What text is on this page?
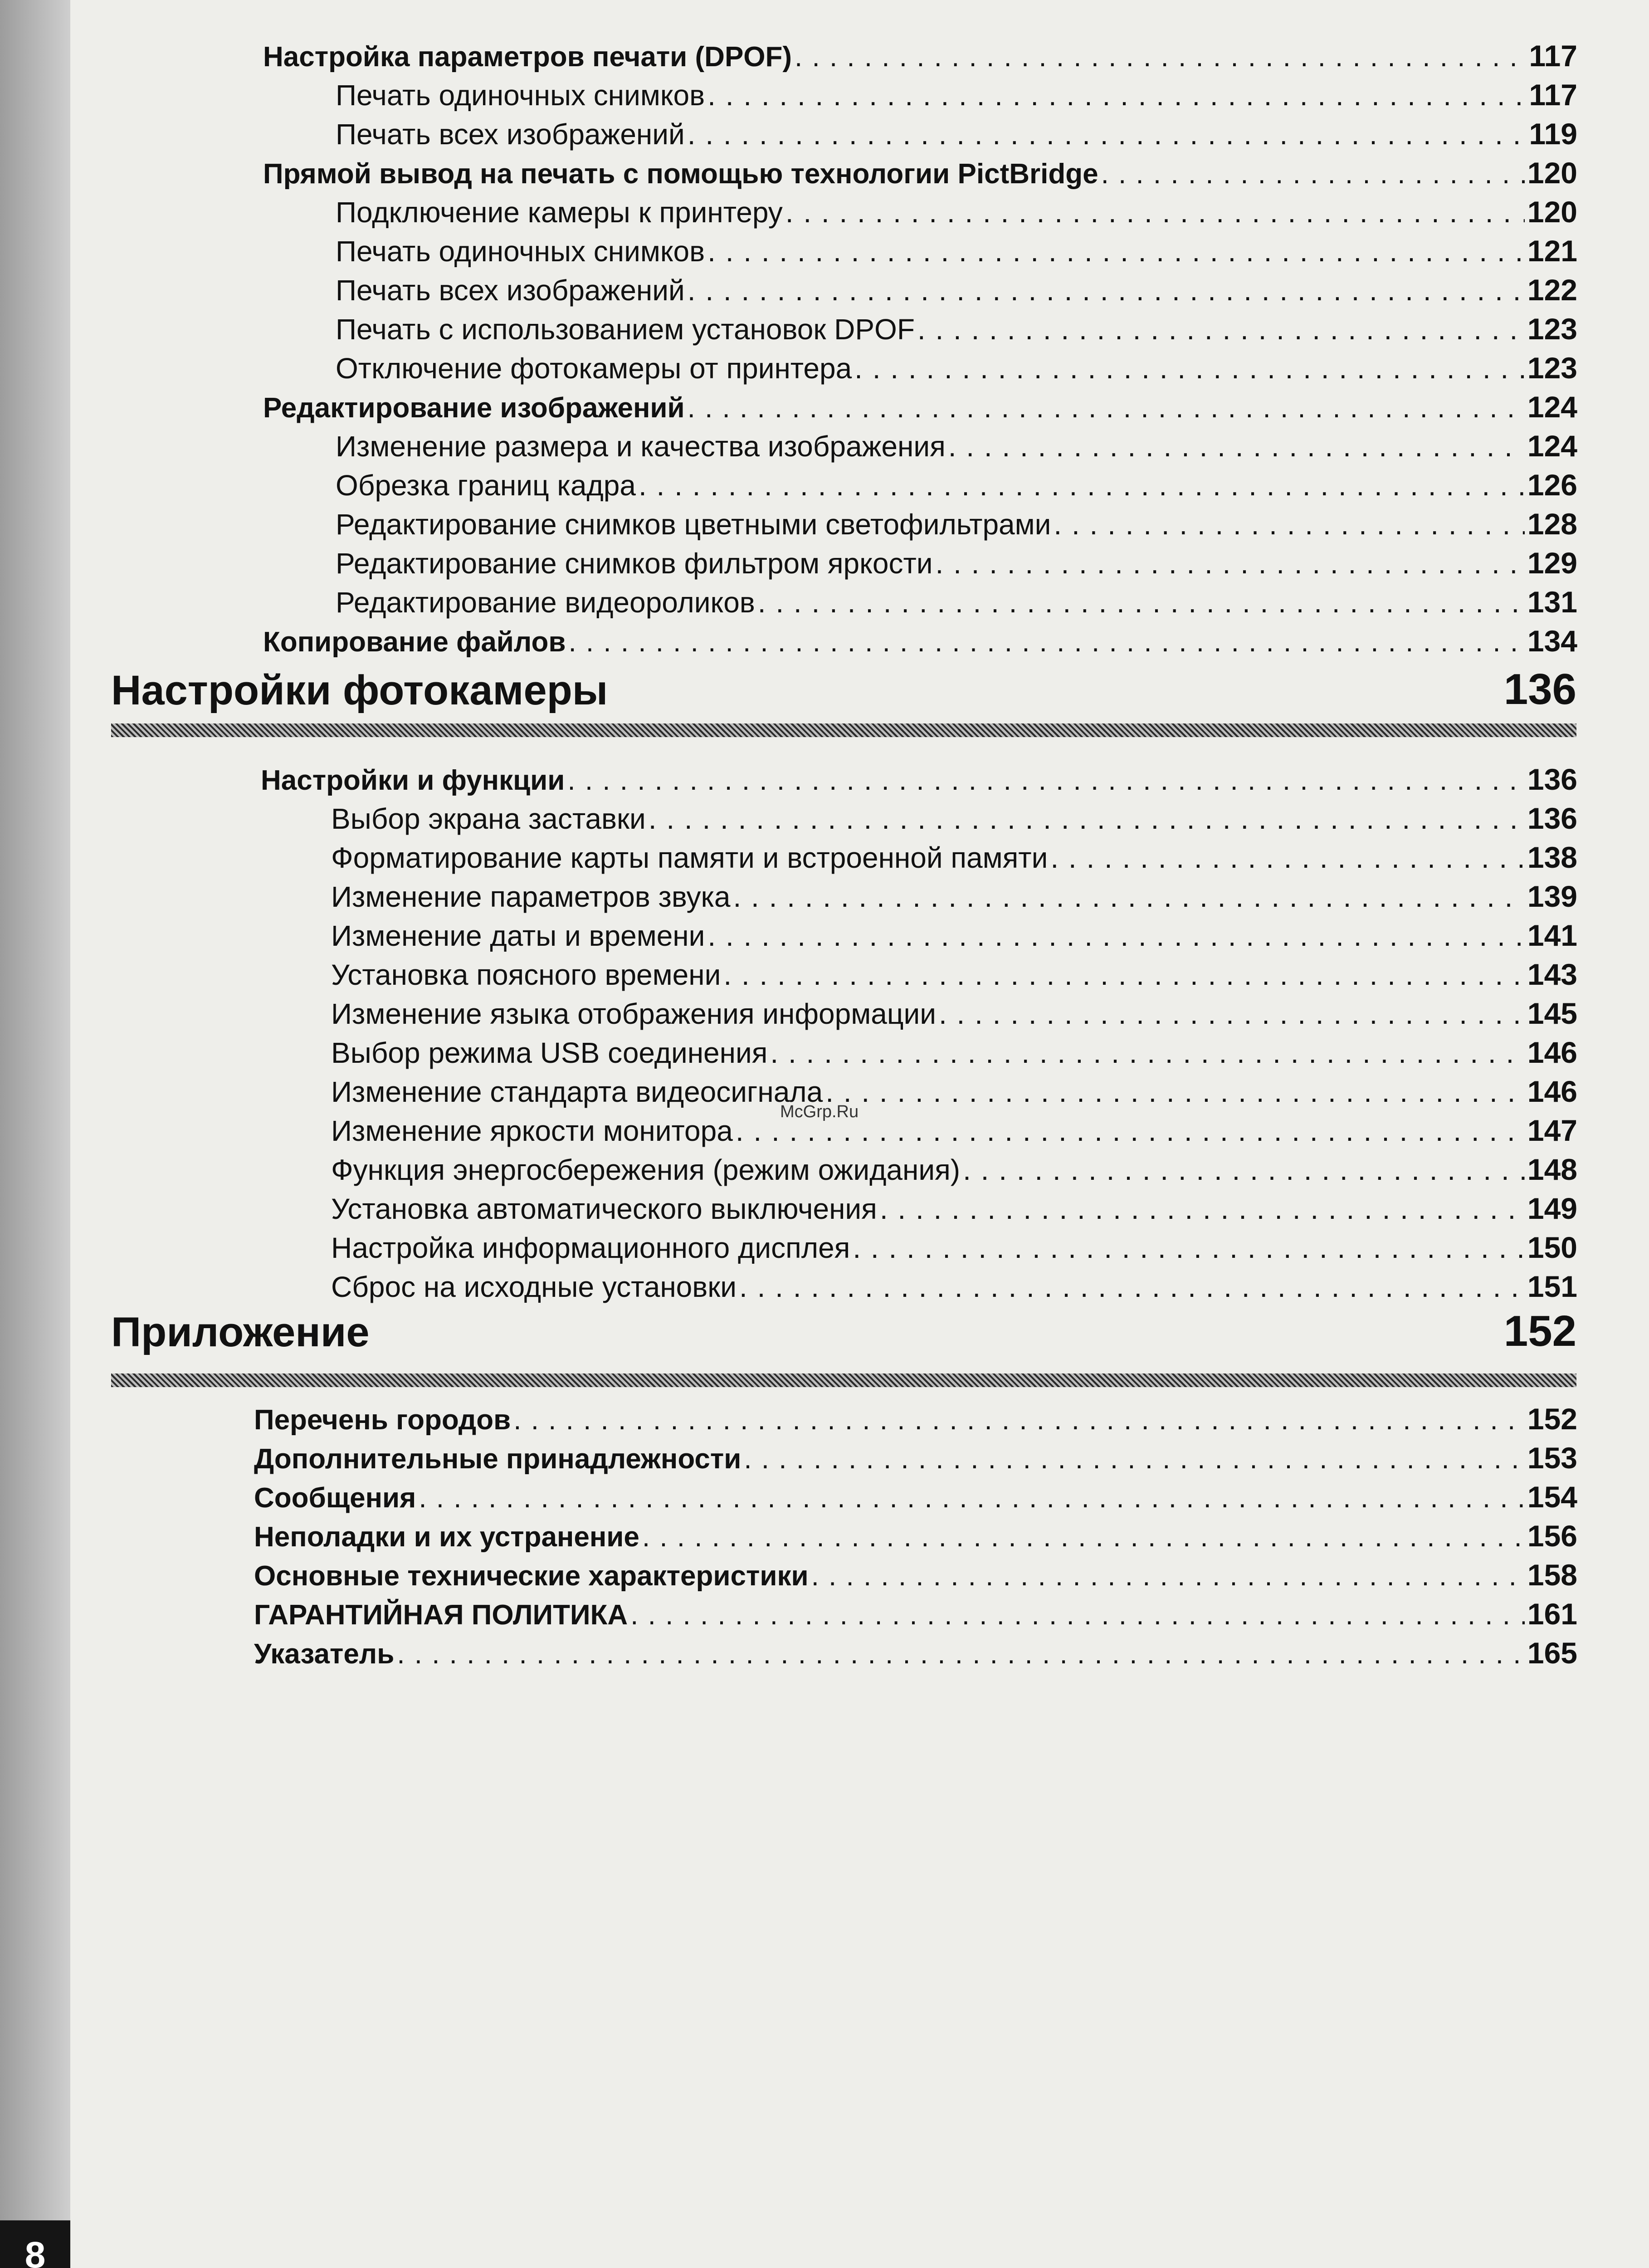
8
Настройки фотокамеры	136
Приложение	152
McGrp.Ru
Настройка параметров печати (DPOF) . . .	117
Печать одиночных снимков . . .	117
Печать всех изображений . . .	119
Прямой вывод на печать с помощью технологии PictBridge . . .	120
Подключение камеры к принтеру . . .	120
Печать одиночных снимков . . .	121
Печать всех изображений . . .	122
Печать с использованием установок DPOF . . .	123
Отключение фотокамеры от принтера . . .	123
Редактирование изображений . . .	124
Изменение размера и качества изображения . . .	124
Обрезка границ кадра . . .	126
Редактирование снимков цветными светофильтрами . . .	128
Редактирование снимков фильтром яркости . . .	129
Редактирование видеороликов . . .	131
Копирование файлов . . .	134
Настройки и функции . . .	136
Выбор экрана заставки . . .	136
Форматирование карты памяти и встроенной памяти . . .	138
Изменение параметров звука . . .	139
Изменение даты и времени . . .	141
Установка поясного времени . . .	143
Изменение языка отображения информации . . .	145
Выбор режима USB соединения . . .	146
Изменение стандарта видеосигнала . . .	146
Изменение яркости монитора . . .	147
Функция энергосбережения (режим ожидания) . . .	148
Установка автоматического выключения . . .	149
Настройка информационного дисплея . . .	150
Сброс на исходные установки . . .	151
Перечень городов . . .	152
Дополнительные принадлежности . . .	153
Сообщения . . .	154
Неполадки и их устранение . . .	156
Основные технические характеристики . . .	158
ГАРАНТИЙНАЯ ПОЛИТИКА . . .	161
Указатель . . .	165
